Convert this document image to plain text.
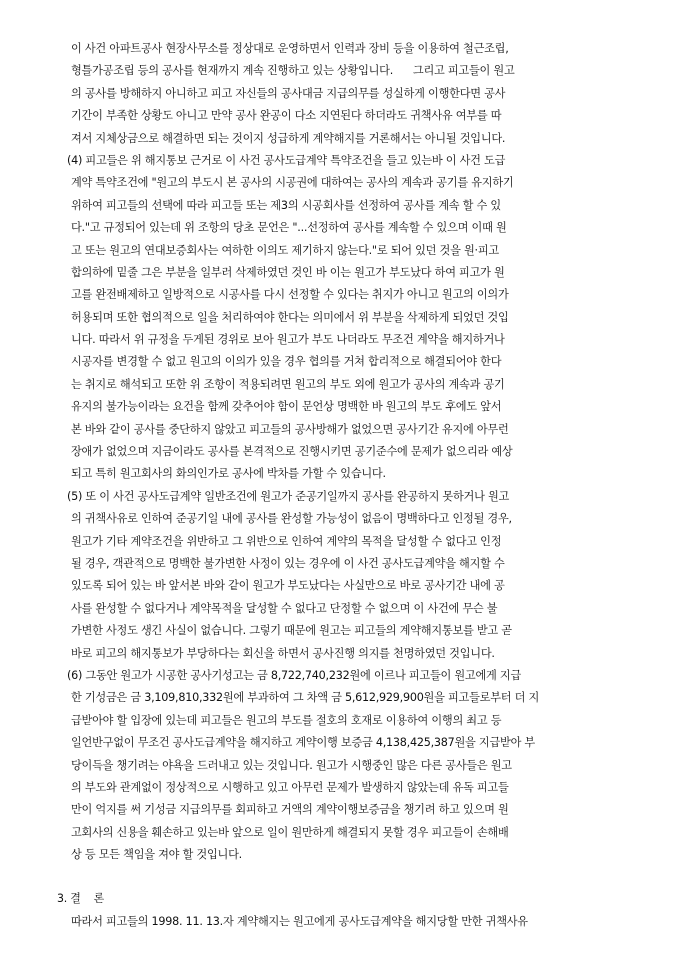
이 사건 아파트공사 현장사무소를 정상대로 운영하면서 인력과 장비 등을 이용하여 철근조립,
형틀가공조립 등의 공사를 현재까지 계속 진행하고 있는 상황입니다.      그리고 피고들이 원고
의 공사를 방해하지 아니하고 피고 자신들의 공사대금 지급의무를 성실하게 이행한다면 공사
기간이 부족한 상황도 아니고 만약 공사 완공이 다소 지연된다 하더라도 귀책사유 여부를 따
져서 지체상금으로 해결하면 되는 것이지 성급하게 계약해지를 거론해서는 아니될 것입니다.
(4) 피고들은 위 해지통보 근거로 이 사건 공사도급계약 특약조건을 들고 있는바 이 사건 도급
계약 특약조건에 "원고의 부도시 본 공사의 시공권에 대하여는 공사의 계속과 공기를 유지하기
위하여 피고들의 선택에 따라 피고들 또는 제3의 시공회사를 선정하여 공사를 계속 할 수 있
다."고 규정되어 있는데 위 조항의 당초 문언은 "...선정하여 공사를 계속할 수 있으며 이때 원
고 또는 원고의 연대보증회사는 여하한 이의도 제기하지 않는다."로 되어 있던 것을 원·피고
합의하에 밑줄 그은 부분을 일부러 삭제하였던 것인 바 이는 원고가 부도났다 하여 피고가 원
고를 완전배제하고 일방적으로 시공사를 다시 선정할 수 있다는 취지가 아니고 원고의 이의가
허용되며 또한 협의적으로 일을 처리하여야 한다는 의미에서 위 부분을 삭제하게 되었던 것입
니다. 따라서 위 규정을 두게된 경위로 보아 원고가 부도 나더라도 무조건 계약을 해지하거나
시공자를 변경할 수 없고 원고의 이의가 있을 경우 협의를 거쳐 합리적으로 해결되어야 한다
는 취지로 해석되고 또한 위 조항이 적용되려면 원고의 부도 외에 원고가 공사의 계속과 공기
유지의 불가능이라는 요건을 함께 갖추어야 함이 문언상 명백한 바 원고의 부도 후에도 앞서
본 바와 같이 공사를 중단하지 않았고 피고들의 공사방해가 없었으면 공사기간 유지에 아무런
장애가 없었으며 지금이라도 공사를 본격적으로 진행시키면 공기준수에 문제가 없으리라 예상
되고 특히 원고회사의 화의인가로 공사에 박차를 가할 수 있습니다.
(5) 또 이 사건 공사도급계약 일반조건에 원고가 준공기일까지 공사를 완공하지 못하거나 원고
의 귀책사유로 인하여 준공기일 내에 공사를 완성할 가능성이 없음이 명백하다고 인정될 경우,
원고가 기타 계약조건을 위반하고 그 위반으로 인하여 계약의 목적을 달성할 수 없다고 인정
될 경우, 객관적으로 명백한 불가변한 사정이 있는 경우에 이 사건 공사도급계약을 해지할 수
있도록 되어 있는 바 앞서본 바와 같이 원고가 부도났다는 사실만으로 바로 공사기간 내에 공
사를 완성할 수 없다거나 계약목적을 달성할 수 없다고 단정할 수 없으며 이 사건에 무슨 불
가변한 사정도 생긴 사실이 없습니다. 그렇기 때문에 원고는 피고들의 계약해지통보를 받고 곧
바로 피고의 해지통보가 부당하다는 회신을 하면서 공사진행 의지를 천명하였던 것입니다.
(6) 그동안 원고가 시공한 공사기성고는 금 8,722,740,232원에 이르나 피고들이 원고에게 지급
한 기성금은 금 3,109,810,332원에 부과하여 그 차액 금 5,612,929,900원을 피고들로부터 더 지
급받아야 할 입장에 있는데 피고들은 원고의 부도를 절호의 호재로 이용하여 이행의 최고 등
일언반구없이 무조건 공사도급계약을 해지하고 계약이행 보증금 4,138,425,387원을 지급받아 부
당이득을 챙기려는 야욕을 드러내고 있는 것입니다. 원고가 시행중인 많은 다른 공사들은 원고
의 부도와 관계없이 정상적으로 시행하고 있고 아무런 문제가 발생하지 않았는데 유독 피고들
만이 억지를 써 기성금 지급의무를 회피하고 거액의 계약이행보증금을 챙기려 하고 있으며 원
고회사의 신용을 훼손하고 있는바 앞으로 일이 원만하게 해결되지 못할 경우 피고들이 손해배
상 등 모든 책임을 져야 할 것입니다.
3. 결    론
따라서 피고들의 1998. 11. 13.자 계약해지는 원고에게 공사도급계약을 해지당할 만한 귀책사유
